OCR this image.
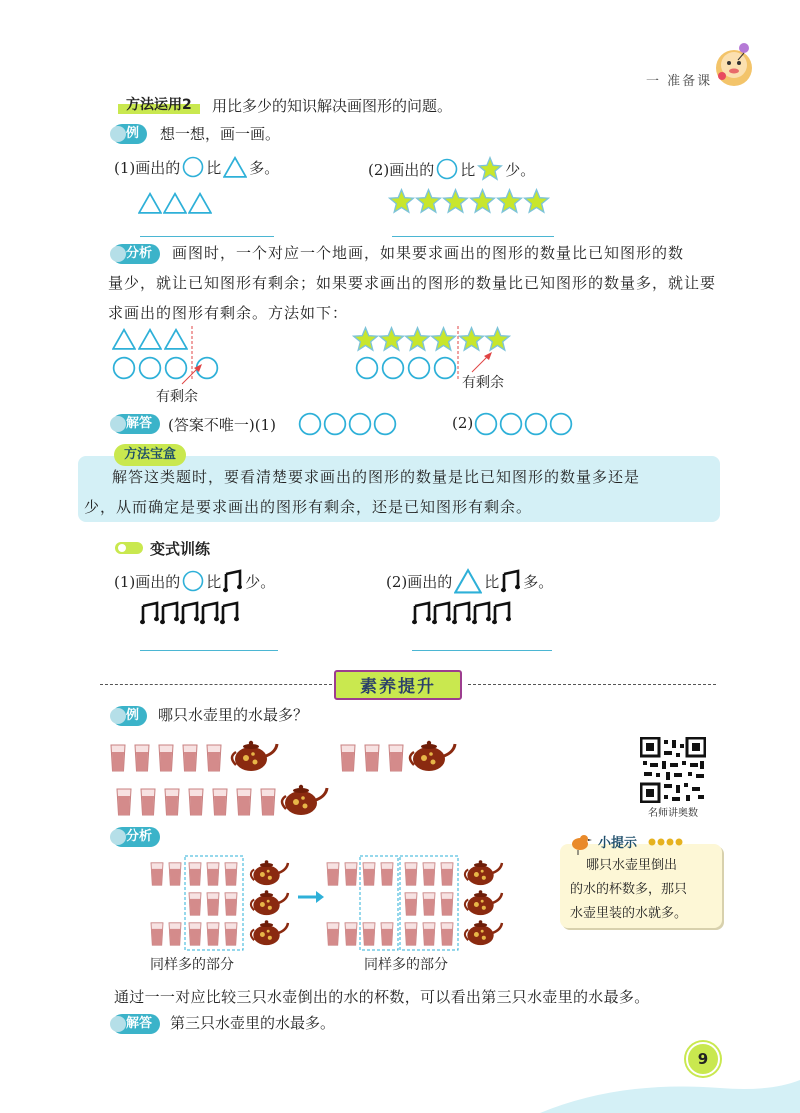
一 准备课
方法运用2	用比多少的知识解决画图形的问题。
例	想一想，画一画。
(1)画出的 比 多。	(2)画出的 比 少。
分析	画图时，一个对应一个地画，如果要求画出的图形的数量比已知图形的数
量少，就让已知图形有剩余；如果要求画出的图形的数量比已知图形的数量多，就让要
求画出的图形有剩余。方法如下：
有剩余
有剩余
解答	(答案不唯一)(1)	(2)
方法宝盒
解答这类题时，要看清楚要求画出的图形的数量是比已知图形的数量多还是
少，从而确定是要求画出的图形有剩余，还是已知图形有剩余。
变式训练
(1)画出的 比 少。	(2)画出的 比 多。
素养提升
例	哪只水壶里的水最多？
名师讲奥数
分析
同样多的部分	同样多的部分
小提示
哪只水壶里倒出
的水的杯数多，那只
水壶里装的水就多。
通过一一对应比较三只水壶倒出的水的杯数，可以看出第三只水壶里的水最多。
解答	第三只水壶里的水最多。
9
